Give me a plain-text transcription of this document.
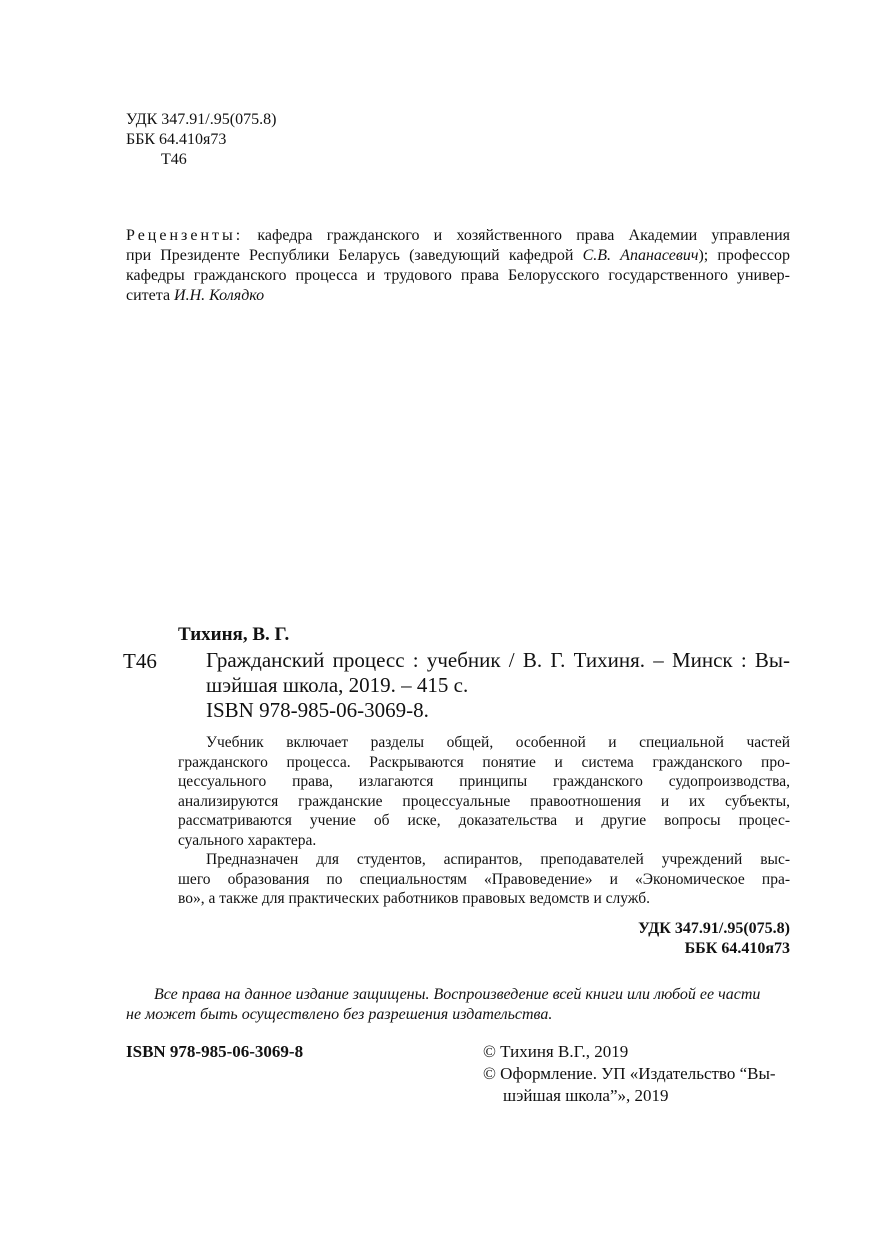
УДК 347.91/.95(075.8)
ББК 64.410я73
Т46
Рецензенты: кафедра гражданского и хозяйственного права Академии управления
при Президенте Республики Беларусь (заведующий кафедрой С.В. Апанасевич); профессор
кафедры гражданского процесса и трудового права Белорусского государственного универ-
ситета И.Н. Колядко
Тихиня, В. Г.
Т46 Гражданский процесс : учебник / В. Г. Тихиня. – Минск : Вы-
шэйшая школа, 2019. – 415 с.
ISBN 978-985-06-3069-8.
Учебник включает разделы общей, особенной и специальной частей
гражданского процесса. Раскрываются понятие и система гражданского про-
цессуального права, излагаются принципы гражданского судопроизводства,
анализируются гражданские процессуальные правоотношения и их субъекты,
рассматриваются учение об иске, доказательства и другие вопросы процес-
суального характера.
Предназначен для студентов, аспирантов, преподавателей учреждений выс-
шего образования по специальностям «Правоведение» и «Экономическое пра-
во», а также для практических работников правовых ведомств и служб.
УДК 347.91/.95(075.8)
ББК 64.410я73
Все права на данное издание защищены. Воспроизведение всей книги или любой ее части
не может быть осуществлено без разрешения издательства.
ISBN 978-985-06-3069-8	© Тихиня В.Г., 2019
© Оформление. УП «Издательство “Вы-
шэйшая школа”», 2019
